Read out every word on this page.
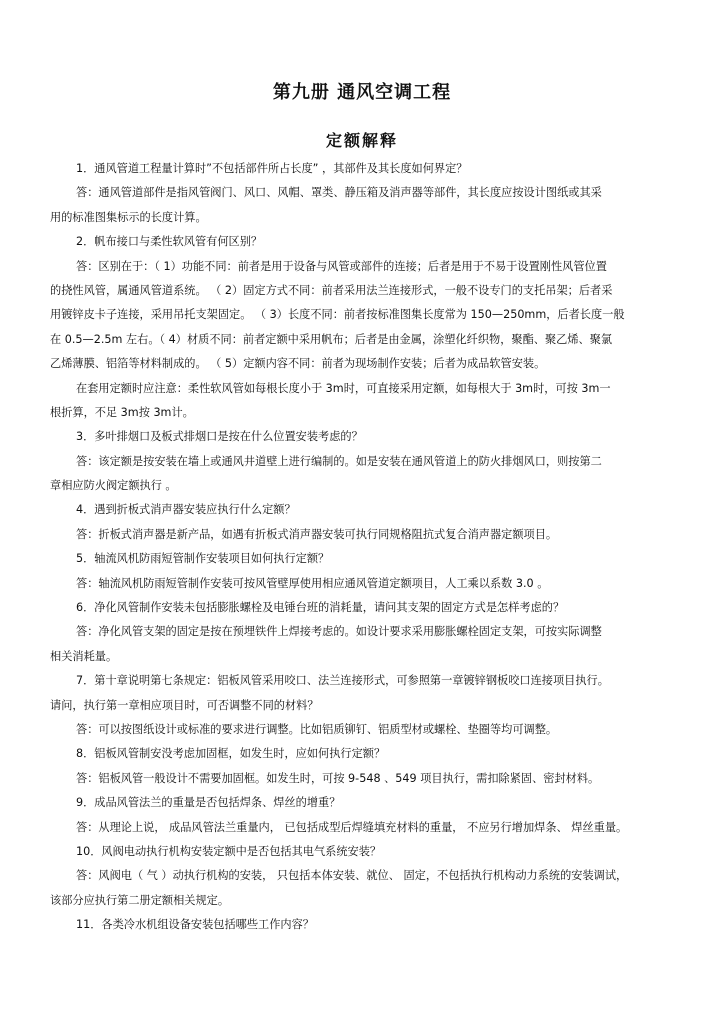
第九册 通风空调工程
定额解释
1．通风管道工程量计算时”不包括部件所占长度” ，其部件及其长度如何界定？
答：通风管道部件是指风管阀门、风口、风帽、罩类、静压箱及消声器等部件，其长度应按设计图纸或其采
用的标准图集标示的长度计算。
2．帆布接口与柔性软风管有何区别？
答：区别在于：（ 1）功能不同：前者是用于设备与风管或部件的连接；后者是用于不易于设置刚性风管位置
的挠性风管，属通风管道系统。 （ 2）固定方式不同：前者采用法兰连接形式，一般不设专门的支托吊架；后者采
用镀锌皮卡子连接，采用吊托支架固定。 （ 3）长度不同：前者按标准图集长度常为 150—250mm，后者长度一般
在 0.5—2.5m 左右。（ 4）材质不同：前者定额中采用帆布；后者是由金属，涂塑化纤织物，聚酯、聚乙烯、聚氯
乙烯薄膜、铝箔等材料制成的。 （ 5）定额内容不同：前者为现场制作安装；后者为成品软管安装。
在套用定额时应注意：柔性软风管如每根长度小于 3m时，可直接采用定额，如每根大于 3m时，可按 3m一
根折算，不足 3m按 3m计。
3．多叶排烟口及板式排烟口是按在什么位置安装考虑的？
答：该定额是按安装在墙上或通风井道壁上进行编制的。如是安装在通风管道上的防火排烟风口，则按第二
章相应防火阀定额执行 。
4．遇到折板式消声器安装应执行什么定额？
答：折板式消声器是新产品，如遇有折板式消声器安装可执行同规格阻抗式复合消声器定额项目。
5．轴流风机防雨短管制作安装项目如何执行定额？
答：轴流风机防雨短管制作安装可按风管壁厚使用相应通风管道定额项目，人工乘以系数 3.0 。
6．净化风管制作安装未包括膨胀螺栓及电锤台班的消耗量，请问其支架的固定方式是怎样考虑的？
答：净化风管支架的固定是按在预埋铁件上焊接考虑的。如设计要求采用膨胀螺栓固定支架，可按实际调整
相关消耗量。
7．第十章说明第七条规定：铝板风管采用咬口、法兰连接形式，可参照第一章镀锌钢板咬口连接项目执行。
请问，执行第一章相应项目时，可否调整不同的材料？
答：可以按图纸设计或标准的要求进行调整。比如铝质铆钉、铝质型材或螺栓、垫圈等均可调整。
8．铝板风管制安没考虑加固框，如发生时，应如何执行定额？
答：铝板风管一般设计不需要加固框。如发生时，可按 9-548 、549 项目执行，需扣除紧固、密封材料。
9．成品风管法兰的重量是否包括焊条、焊丝的增重？
答：从理论上说， 成品风管法兰重量内， 已包括成型后焊缝填充材料的重量， 不应另行增加焊条、 焊丝重量。
10．风阀电动执行机构安装定额中是否包括其电气系统安装？
答：风阀电（ 气 ）动执行机构的安装， 只包括本体安装、就位、 固定，不包括执行机构动力系统的安装调试，
该部分应执行第二册定额相关规定。
11．各类冷水机组设备安装包括哪些工作内容？
